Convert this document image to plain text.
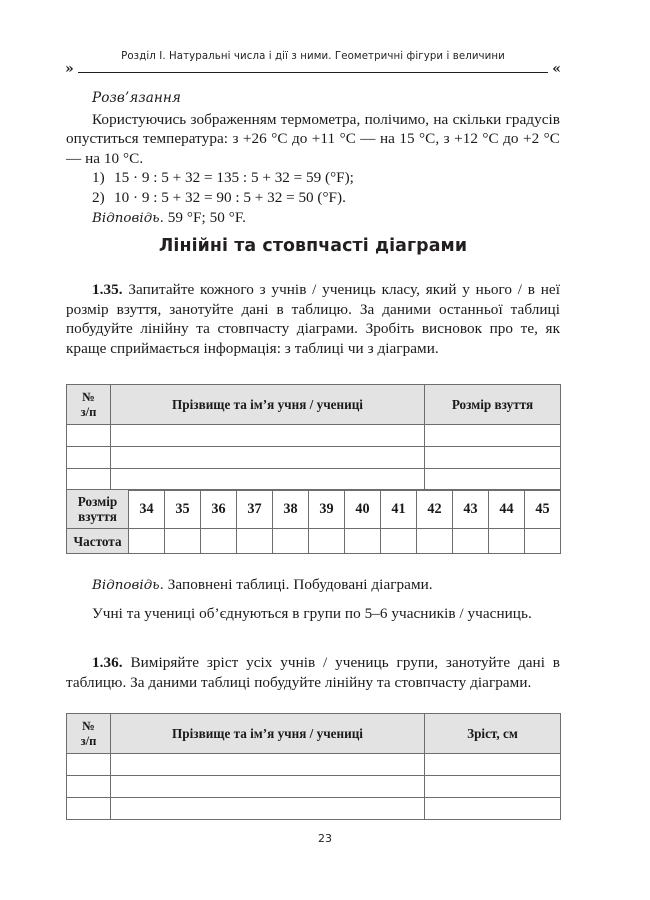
Розділ I. Натуральні числа і дії з ними. Геометричні фігури і величини
»	«

Розв’язання

Користуючись зображенням термометра, полічимо, на скільки градусів опуститься температура: з +26 °C до +11 °C — на 15 °C, з +12 °C до +2 °C — на 10 °C.

1) 15 · 9 : 5 + 32 = 135 : 5 + 32 = 59 (°F);
2) 10 · 9 : 5 + 32 = 90 : 5 + 32 = 50 (°F).

Відповідь. 59 °F; 50 °F.

Лінійні та стовпчасті діаграми

1.35. Запитайте кожного з учнів / учениць класу, який у нього / в неї розмір взуття, занотуйте дані в таблицю. За даними останньої таблиці побудуйте лінійну та стовпчасту діаграми. Зробіть висновок про те, як краще сприймається інформація: з таблиці чи з діаграми.

№
з/п	Прізвище та ім’я учня / учениці	Розмір взуття

Розмір
взуття	34	35	36	37	38	39	40	41	42	43	44	45
Частота												

Відповідь. Заповнені таблиці. Побудовані діаграми.

Учні та учениці об’єднуються в групи по 5–6 учасників / учасниць.

1.36. Виміряйте зріст усіх учнів / учениць групи, занотуйте дані в таблицю. За даними таблиці побудуйте лінійну та стовпчасту діаграми.

№
з/п	Прізвище та ім’я учня / учениці	Зріст, см

23
